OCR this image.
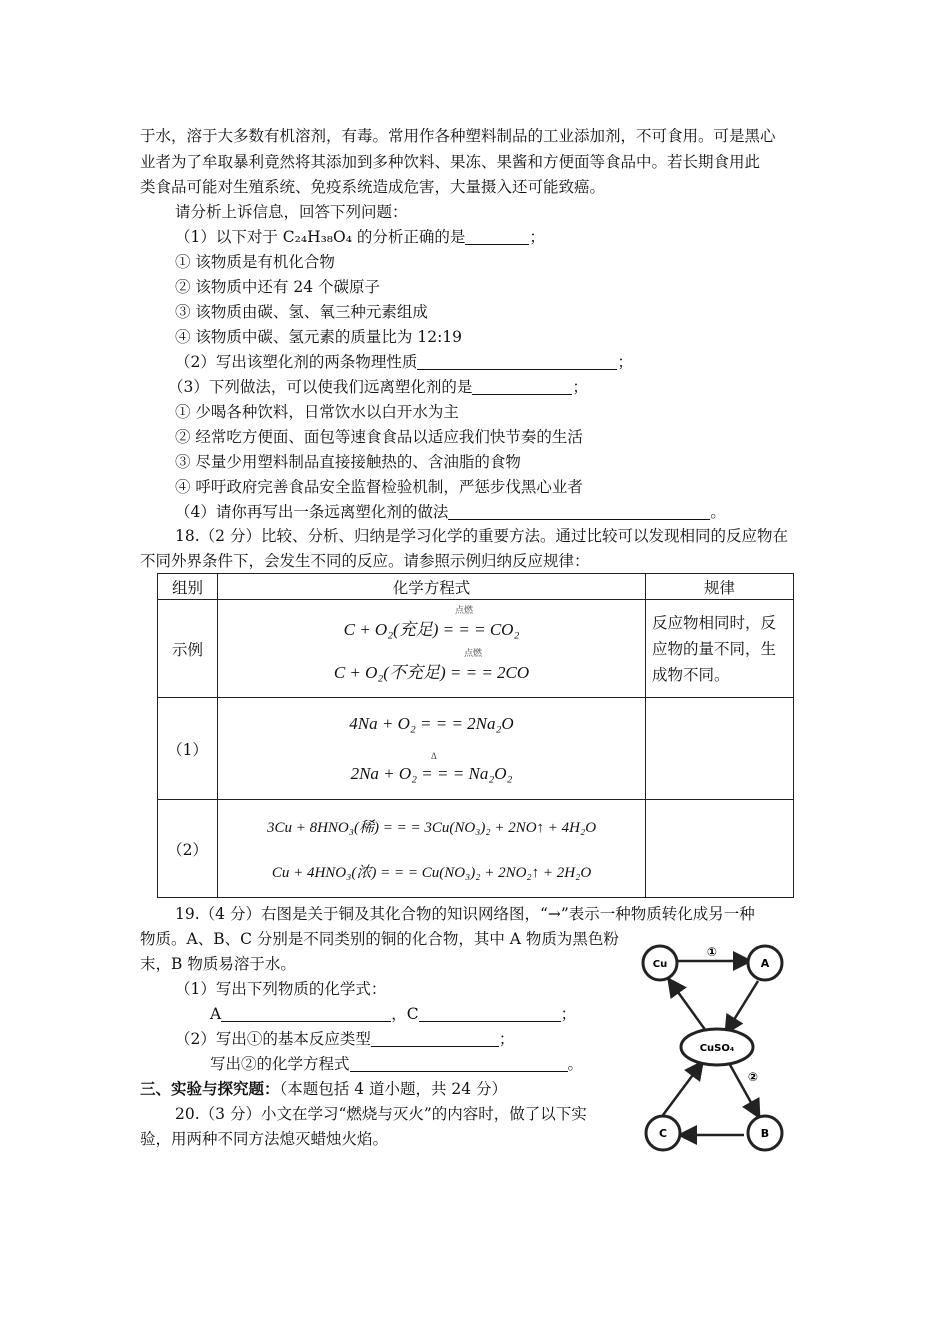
于水，溶于大多数有机溶剂，有毒。常用作各种塑料制品的工业添加剂，不可食用。可是黑心
业者为了牟取暴利竟然将其添加到多种饮料、果冻、果酱和方便面等食品中。若长期食用此
类食品可能对生殖系统、免疫系统造成危害，大量摄入还可能致癌。
请分析上诉信息，回答下列问题：
（1）以下对于 C₂₄H₃₈O₄ 的分析正确的是	；
① 该物质是有机化合物
② 该物质中还有 24 个碳原子
③ 该物质由碳、氢、氧三种元素组成
④ 该物质中碳、氢元素的质量比为 12:19
（2）写出该塑化剂的两条物理性质	；
（3）下列做法，可以使我们远离塑化剂的是	；
① 少喝各种饮料，日常饮水以白开水为主
② 经常吃方便面、面包等速食食品以适应我们快节奏的生活
③ 尽量少用塑料制品直接接触热的、含油脂的食物
④ 呼吁政府完善食品安全监督检验机制，严惩步伐黑心业者
（4）请你再写出一条远离塑化剂的做法	。
18.（2 分）比较、分析、归纳是学习化学的重要方法。通过比较可以发现相同的反应物在
不同外界条件下，会发生不同的反应。请参照示例归纳反应规律：
组别	化学方程式	规律
示例	点燃
C + O₂(充足) = = = CO₂
点燃
C + O₂(不充足) = = = 2CO	反应物相同时，反应物的量不同，生成物不同。
（1）	4Na + O₂ = = = 2Na₂O
Δ
2Na + O₂ = = = Na₂O₂	

（2）	3Cu + 8HNO₃(稀) = = = 3Cu(NO₃)₂ + 2NO↑ + 4H₂O
Cu + 4HNO₃(浓) = = = Cu(NO₃)₂ + 2NO₂↑ + 2H₂O	

19.（4 分）右图是关于铜及其化合物的知识网络图，“→”表示一种物质转化成另一种
物质。A、B、C 分别是不同类别的铜的化合物，其中 A 物质为黑色粉
末，B 物质易溶于水。
（1）写出下列物质的化学式：
A	，C	；
（2）写出①的基本反应类型	；
写出②的化学方程式	。
三、实验与探究题：（本题包括 4 道小题，共 24 分）
20.（3 分）小文在学习“燃烧与灭火”的内容时，做了以下实
验，用两种不同方法熄灭蜡烛火焰。
Cu	A
CuSO₄
C	B
①
②
